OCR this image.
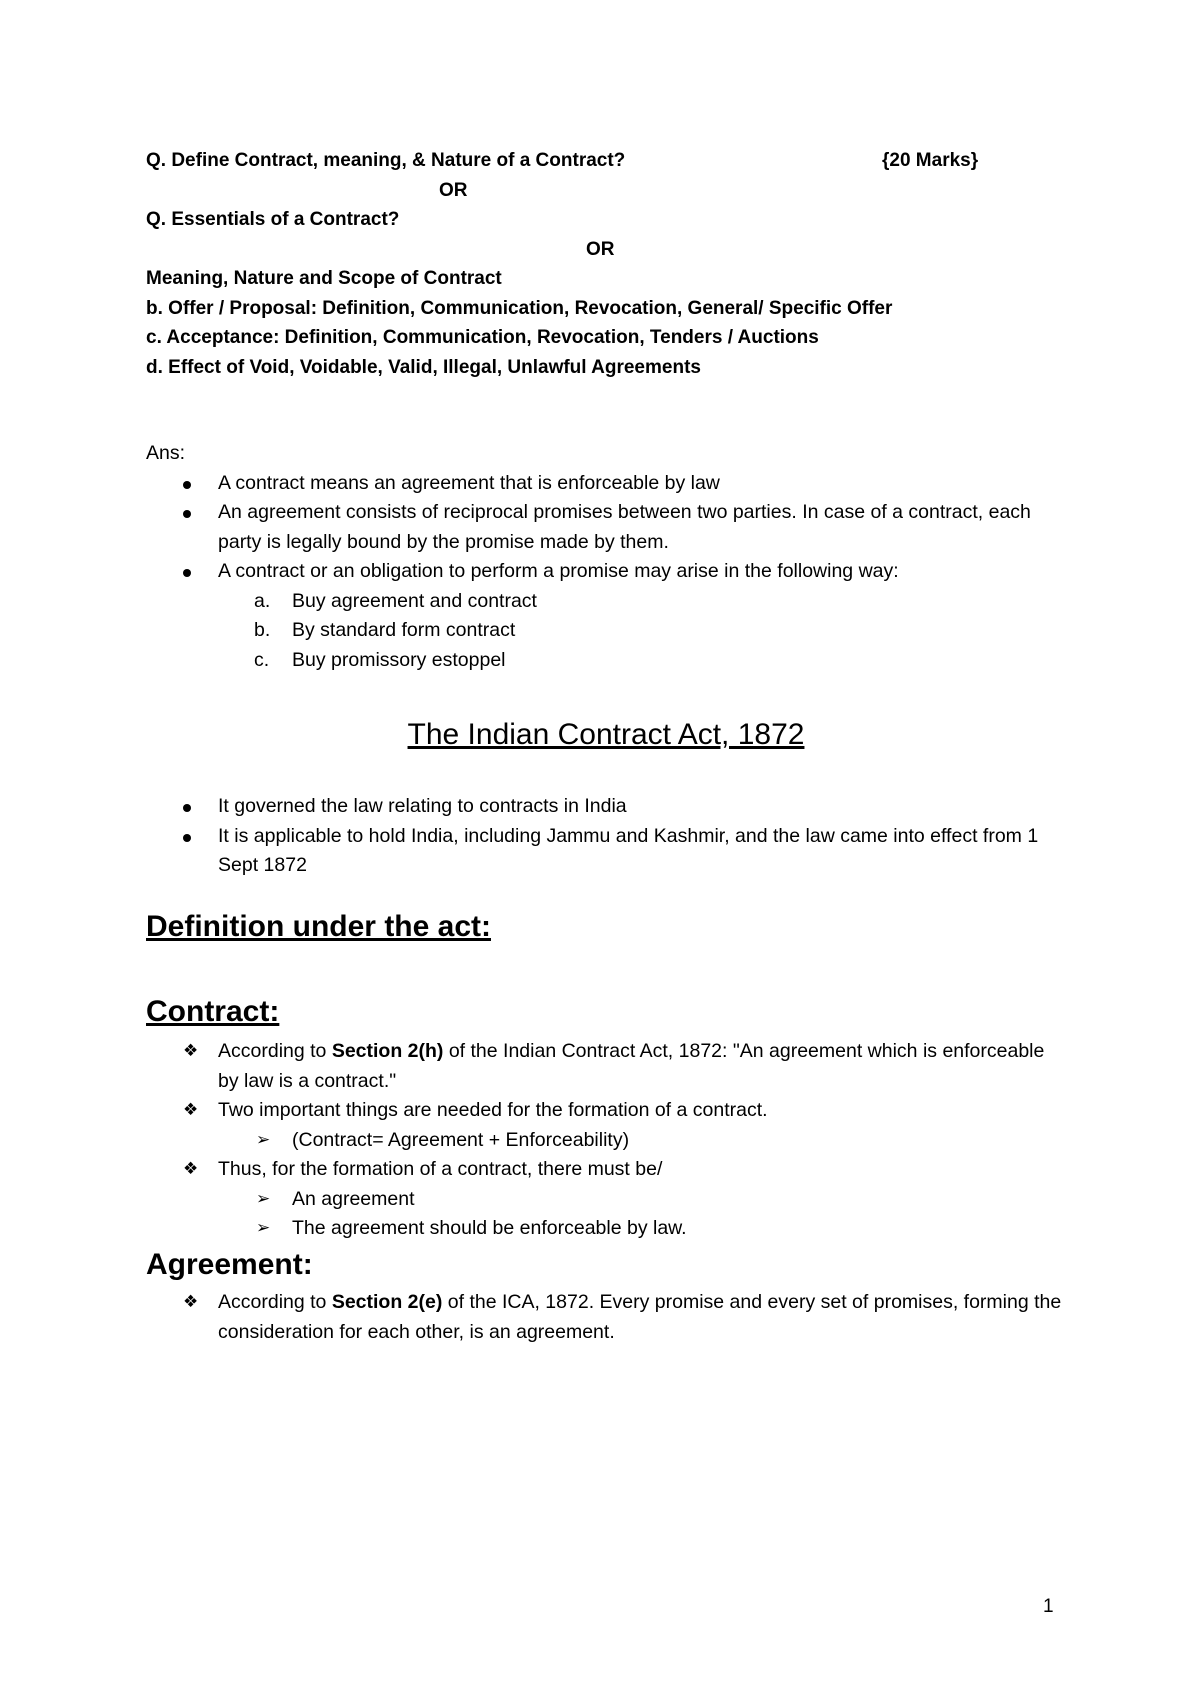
Q. Define Contract, meaning, & Nature of a Contract?	{20 Marks}
OR
Q. Essentials of a Contract?
OR
Meaning, Nature and Scope of Contract
b. Offer / Proposal: Definition, Communication, Revocation, General/ Specific Offer
c. Acceptance: Definition, Communication, Revocation, Tenders / Auctions
d. Effect of Void, Voidable, Valid, Illegal, Unlawful Agreements
Ans:
A contract means an agreement that is enforceable by law
An agreement consists of reciprocal promises between two parties. In case of a contract, each party is legally bound by the promise made by them.
A contract or an obligation to perform a promise may arise in the following way:
a. Buy agreement and contract
b. By standard form contract
c. Buy promissory estoppel
The Indian Contract Act, 1872
It governed the law relating to contracts in India
It is applicable to hold India, including Jammu and Kashmir, and the law came into effect from 1 Sept 1872
Definition under the act:
Contract:
❖ According to Section 2(h) of the Indian Contract Act, 1872: "An agreement which is enforceable by law is a contract."
❖ Two important things are needed for the formation of a contract.
➢ (Contract= Agreement + Enforceability)
❖ Thus, for the formation of a contract, there must be/
➢ An agreement
➢ The agreement should be enforceable by law.
Agreement:
❖ According to Section 2(e) of the ICA, 1872. Every promise and every set of promises, forming the consideration for each other, is an agreement.
1
